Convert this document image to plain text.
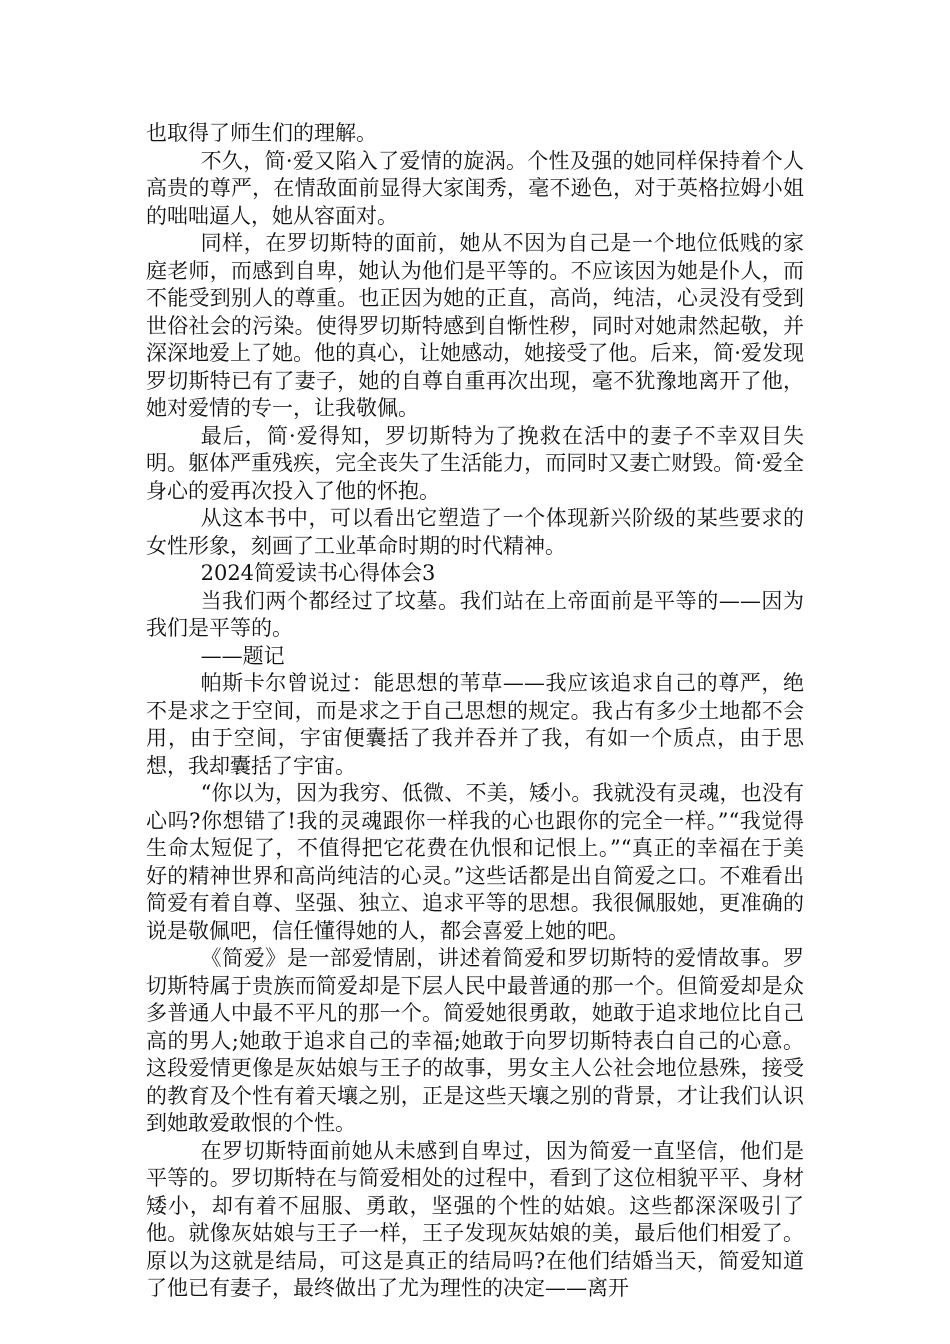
也取得了师生们的理解。

不久，简·爱又陷入了爱情的旋涡。个性及强的她同样保持着个人高贵的尊严，在情敌面前显得大家闺秀，毫不逊色，对于英格拉姆小姐的咄咄逼人，她从容面对。

同样，在罗切斯特的面前，她从不因为自己是一个地位低贱的家庭老师，而感到自卑，她认为他们是平等的。不应该因为她是仆人，而不能受到别人的尊重。也正因为她的正直，高尚，纯洁，心灵没有受到世俗社会的污染。使得罗切斯特感到自惭性秽，同时对她肃然起敬，并深深地爱上了她。他的真心，让她感动，她接受了他。后来，简·爱发现罗切斯特已有了妻子，她的自尊自重再次出现，毫不犹豫地离开了他，她对爱情的专一，让我敬佩。

最后，简·爱得知，罗切斯特为了挽救在活中的妻子不幸双目失明。躯体严重残疾，完全丧失了生活能力，而同时又妻亡财毁。简·爱全身心的爱再次投入了他的怀抱。

从这本书中，可以看出它塑造了一个体现新兴阶级的某些要求的女性形象，刻画了工业革命时期的时代精神。

2024简爱读书心得体会3

当我们两个都经过了坟墓。我们站在上帝面前是平等的——因为我们是平等的。

——题记

帕斯卡尔曾说过：能思想的苇草——我应该追求自己的尊严，绝不是求之于空间，而是求之于自己思想的规定。我占有多少土地都不会用，由于空间，宇宙便囊括了我并吞并了我，有如一个质点，由于思想，我却囊括了宇宙。

“你以为，因为我穷、低微、不美，矮小。我就没有灵魂，也没有心吗?你想错了!我的灵魂跟你一样我的心也跟你的完全一样。”“我觉得生命太短促了，不值得把它花费在仇恨和记恨上。”“真正的幸福在于美好的精神世界和高尚纯洁的心灵。”这些话都是出自简爱之口。不难看出简爱有着自尊、坚强、独立、追求平等的思想。我很佩服她，更准确的说是敬佩吧，信任懂得她的人，都会喜爱上她的吧。

《简爱》是一部爱情剧，讲述着简爱和罗切斯特的爱情故事。罗切斯特属于贵族而简爱却是下层人民中最普通的那一个。但简爱却是众多普通人中最不平凡的那一个。简爱她很勇敢，她敢于追求地位比自己高的男人;她敢于追求自己的幸福;她敢于向罗切斯特表白自己的心意。这段爱情更像是灰姑娘与王子的故事，男女主人公社会地位悬殊，接受的教育及个性有着天壤之别，正是这些天壤之别的背景，才让我们认识到她敢爱敢恨的个性。

在罗切斯特面前她从未感到自卑过，因为简爱一直坚信，他们是平等的。罗切斯特在与简爱相处的过程中，看到了这位相貌平平、身材矮小，却有着不屈服、勇敢，坚强的个性的姑娘。这些都深深吸引了他。就像灰姑娘与王子一样，王子发现灰姑娘的美，最后他们相爱了。原以为这就是结局，可这是真正的结局吗?在他们结婚当天，简爱知道了他已有妻子，最终做出了尤为理性的决定——离开
